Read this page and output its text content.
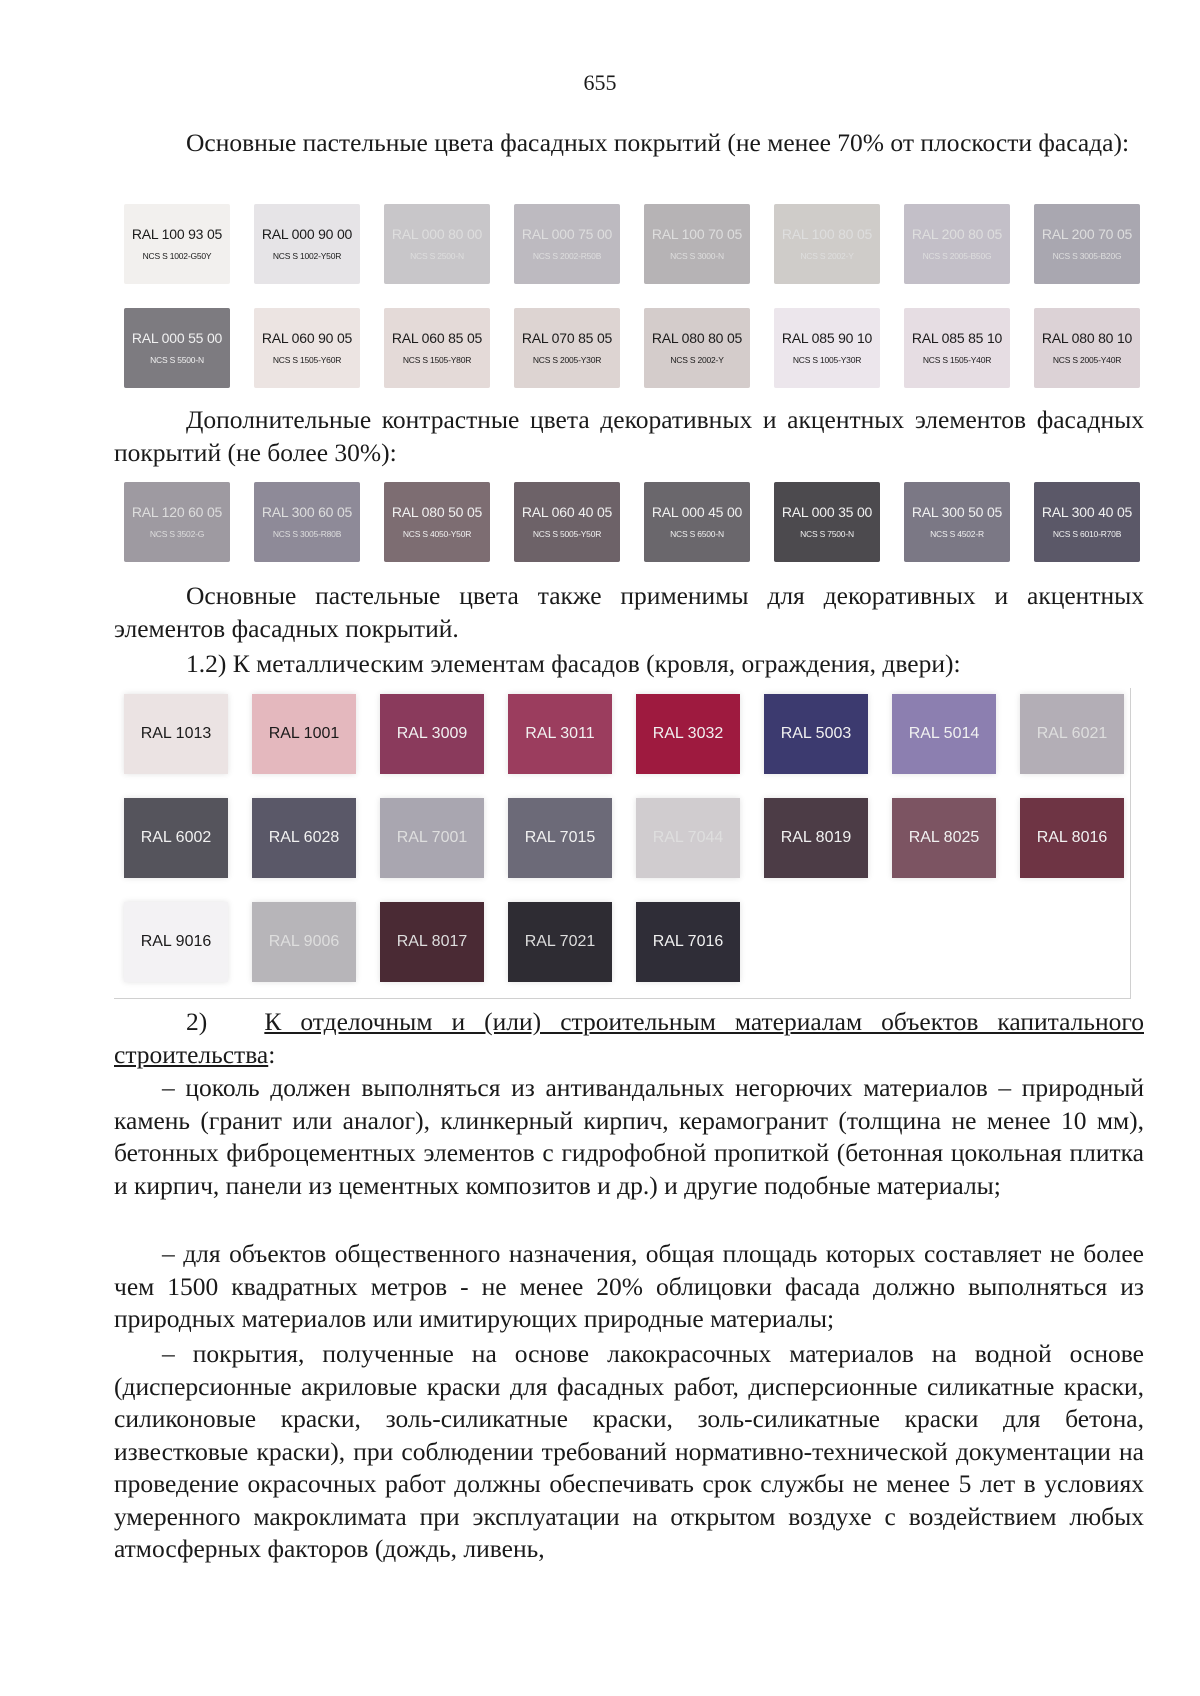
655
Основные пастельные цвета фасадных покрытий (не менее 70% от плоскости фасада):
RAL 100 93 05
NCS S 1002-G50Y
RAL 000 90 00
NCS S 1002-Y50R
RAL 000 80 00
NCS S 2500-N
RAL 000 75 00
NCS S 2002-R50B
RAL 100 70 05
NCS S 3000-N
RAL 100 80 05
NCS S 2002-Y
RAL 200 80 05
NCS S 2005-B50G
RAL 200 70 05
NCS S 3005-B20G
RAL 000 55 00
NCS S 5500-N
RAL 060 90 05
NCS S 1505-Y60R
RAL 060 85 05
NCS S 1505-Y80R
RAL 070 85 05
NCS S 2005-Y30R
RAL 080 80 05
NCS S 2002-Y
RAL 085 90 10
NCS S 1005-Y30R
RAL 085 85 10
NCS S 1505-Y40R
RAL 080 80 10
NCS S 2005-Y40R
Дополнительные контрастные цвета декоративных и акцентных элементов фасадных покрытий (не более 30%):
RAL 120 60 05
NCS S 3502-G
RAL 300 60 05
NCS S 3005-R80B
RAL 080 50 05
NCS S 4050-Y50R
RAL 060 40 05
NCS S 5005-Y50R
RAL 000 45 00
NCS S 6500-N
RAL 000 35 00
NCS S 7500-N
RAL 300 50 05
NCS S 4502-R
RAL 300 40 05
NCS S 6010-R70B
Основные пастельные цвета также применимы для декоративных и акцентных элементов фасадных покрытий.
1.2) К металлическим элементам фасадов (кровля, ограждения, двери):
RAL 1013	RAL 1001	RAL 3009	RAL 3011	RAL 3032	RAL 5003	RAL 5014	RAL 6021
RAL 6002	RAL 6028	RAL 7001	RAL 7015	RAL 7044	RAL 8019	RAL 8025	RAL 8016
RAL 9016	RAL 9006	RAL 8017	RAL 7021	RAL 7016
2) К отделочным и (или) строительным материалам объектов капитального строительства:
– цоколь должен выполняться из антивандальных негорючих материалов – природный камень (гранит или аналог), клинкерный кирпич, керамогранит (толщина не менее 10 мм), бетонных фиброцементных элементов с гидрофобной пропиткой (бетонная цокольная плитка и кирпич, панели из цементных композитов и др.) и другие подобные материалы;
– для объектов общественного назначения, общая площадь которых составляет не более чем 1500 квадратных метров - не менее 20% облицовки фасада должно выполняться из природных материалов или имитирующих природные материалы;
– покрытия, полученные на основе лакокрасочных материалов на водной основе (дисперсионные акриловые краски для фасадных работ, дисперсионные силикатные краски, силиконовые краски, золь-силикатные краски, золь-силикатные краски для бетона, известковые краски), при соблюдении требований нормативно-технической документации на проведение окрасочных работ должны обеспечивать срок службы не менее 5 лет в условиях умеренного макроклимата при эксплуатации на открытом воздухе с воздействием любых атмосферных факторов (дождь, ливень,
